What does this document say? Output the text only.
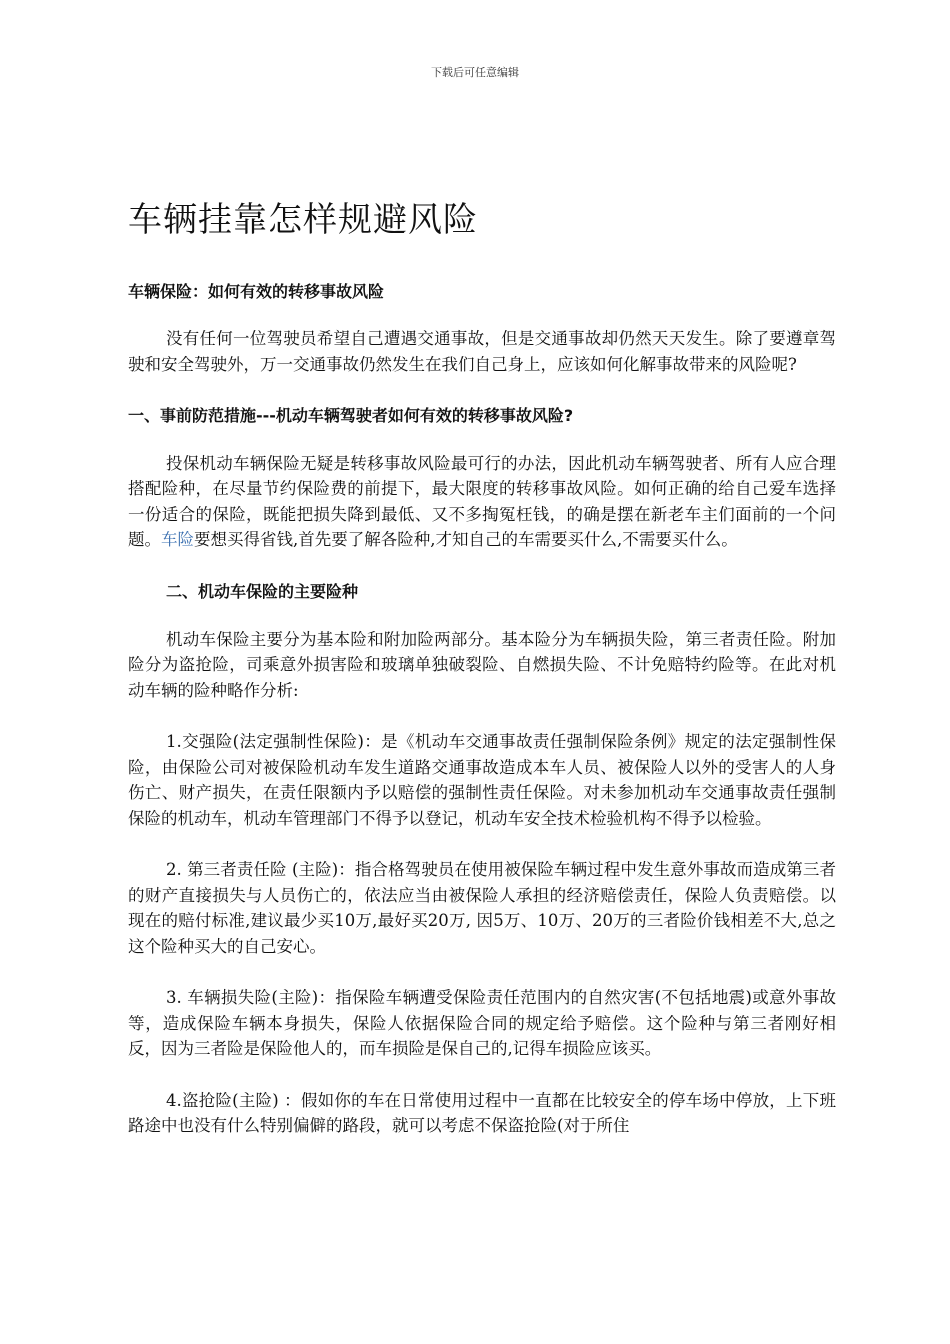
下载后可任意编辑
车辆挂靠怎样规避风险
车辆保险：如何有效的转移事故风险

没有任何一位驾驶员希望自己遭遇交通事故，但是交通事故却仍然天天发生。除了要遵章驾驶和安全驾驶外，万一交通事故仍然发生在我们自己身上，应该如何化解事故带来的风险呢?

一、事前防范措施---机动车辆驾驶者如何有效的转移事故风险?

投保机动车辆保险无疑是转移事故风险最可行的办法，因此机动车辆驾驶者、所有人应合理搭配险种，在尽量节约保险费的前提下，最大限度的转移事故风险。如何正确的给自己爱车选择一份适合的保险，既能把损失降到最低、又不多掏冤枉钱，的确是摆在新老车主们面前的一个问题。车险要想买得省钱,首先要了解各险种,才知自己的车需要买什么,不需要买什么。

二、机动车保险的主要险种

机动车保险主要分为基本险和附加险两部分。基本险分为车辆损失险，第三者责任险。附加险分为盗抢险，司乘意外损害险和玻璃单独破裂险、自燃损失险、不计免赔特约险等。在此对机动车辆的险种略作分析:

1.交强险(法定强制性保险)：是《机动车交通事故责任强制保险条例》规定的法定强制性保险，由保险公司对被保险机动车发生道路交通事故造成本车人员、被保险人以外的受害人的人身伤亡、财产损失，在责任限额内予以赔偿的强制性责任保险。对未参加机动车交通事故责任强制保险的机动车，机动车管理部门不得予以登记，机动车安全技术检验机构不得予以检验。

2. 第三者责任险 (主险)：指合格驾驶员在使用被保险车辆过程中发生意外事故而造成第三者的财产直接损失与人员伤亡的，依法应当由被保险人承担的经济赔偿责任，保险人负责赔偿。以现在的赔付标准,建议最少买10万,最好买20万, 因5万、10万、20万的三者险价钱相差不大,总之这个险种买大的自己安心。

3. 车辆损失险(主险)：指保险车辆遭受保险责任范围内的自然灾害(不包括地震)或意外事故等，造成保险车辆本身损失，保险人依据保险合同的规定给予赔偿。这个险种与第三者刚好相反，因为三者险是保险他人的，而车损险是保自己的,记得车损险应该买。

4.盗抢险(主险) ：假如你的车在日常使用过程中一直都在比较安全的停车场中停放，上下班路途中也没有什么特别偏僻的路段，就可以考虑不保盗抢险(对于所住
